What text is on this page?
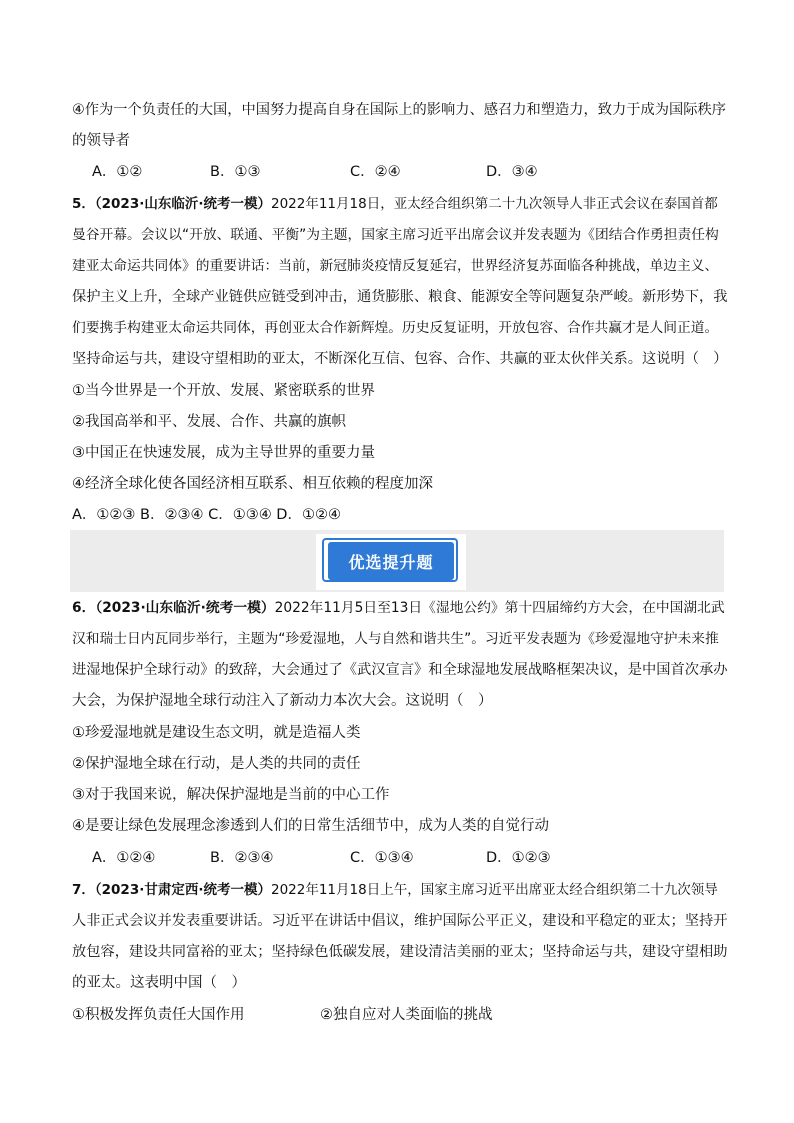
④作为一个负责任的大国，中国努力提高自身在国际上的影响力、感召力和塑造力，致力于成为国际秩序
的领导者
A．①②	B．①③	C．②④	D．③④
5．（2023·山东临沂·统考一模）2022年11月18日，亚太经合组织第二十九次领导人非正式会议在泰国首都
曼谷开幕。会议以“开放、联通、平衡”为主题，国家主席习近平出席会议并发表题为《团结合作勇担责任构
建亚太命运共同体》的重要讲话：当前，新冠肺炎疫情反复延宕，世界经济复苏面临各种挑战，单边主义、
保护主义上升，全球产业链供应链受到冲击，通货膨胀、粮食、能源安全等问题复杂严峻。新形势下，我
们要携手构建亚太命运共同体，再创亚太合作新辉煌。历史反复证明，开放包容、合作共赢才是人间正道。
坚持命运与共，建设守望相助的亚太，不断深化互信、包容、合作、共赢的亚太伙伴关系。这说明（　）
①当今世界是一个开放、发展、紧密联系的世界
②我国高举和平、发展、合作、共赢的旗帜
③中国正在快速发展，成为主导世界的重要力量
④经济全球化使各国经济相互联系、相互依赖的程度加深
A．①②③ B．②③④ C．①③④ D．①②④
优选提升题
6．（2023·山东临沂·统考一模）2022年11月5日至13日《湿地公约》第十四届缔约方大会，在中国湖北武
汉和瑞士日内瓦同步举行，主题为“珍爱湿地，人与自然和谐共生”。习近平发表题为《珍爱湿地守护未来推
进湿地保护全球行动》的致辞，大会通过了《武汉宣言》和全球湿地发展战略框架决议，是中国首次承办
大会，为保护湿地全球行动注入了新动力本次大会。这说明（　）
①珍爱湿地就是建设生态文明，就是造福人类
②保护湿地全球在行动，是人类的共同的责任
③对于我国来说，解决保护湿地是当前的中心工作
④是要让绿色发展理念渗透到人们的日常生活细节中，成为人类的自觉行动
A．①②④	B．②③④	C．①③④	D．①②③
7．（2023·甘肃定西·统考一模）2022年11月18日上午，国家主席习近平出席亚太经合组织第二十九次领导
人非正式会议并发表重要讲话。习近平在讲话中倡议，维护国际公平正义，建设和平稳定的亚太；坚持开
放包容，建设共同富裕的亚太；坚持绿色低碳发展，建设清洁美丽的亚太；坚持命运与共，建设守望相助
的亚太。这表明中国（　）
①积极发挥负责任大国作用	②独自应对人类面临的挑战
